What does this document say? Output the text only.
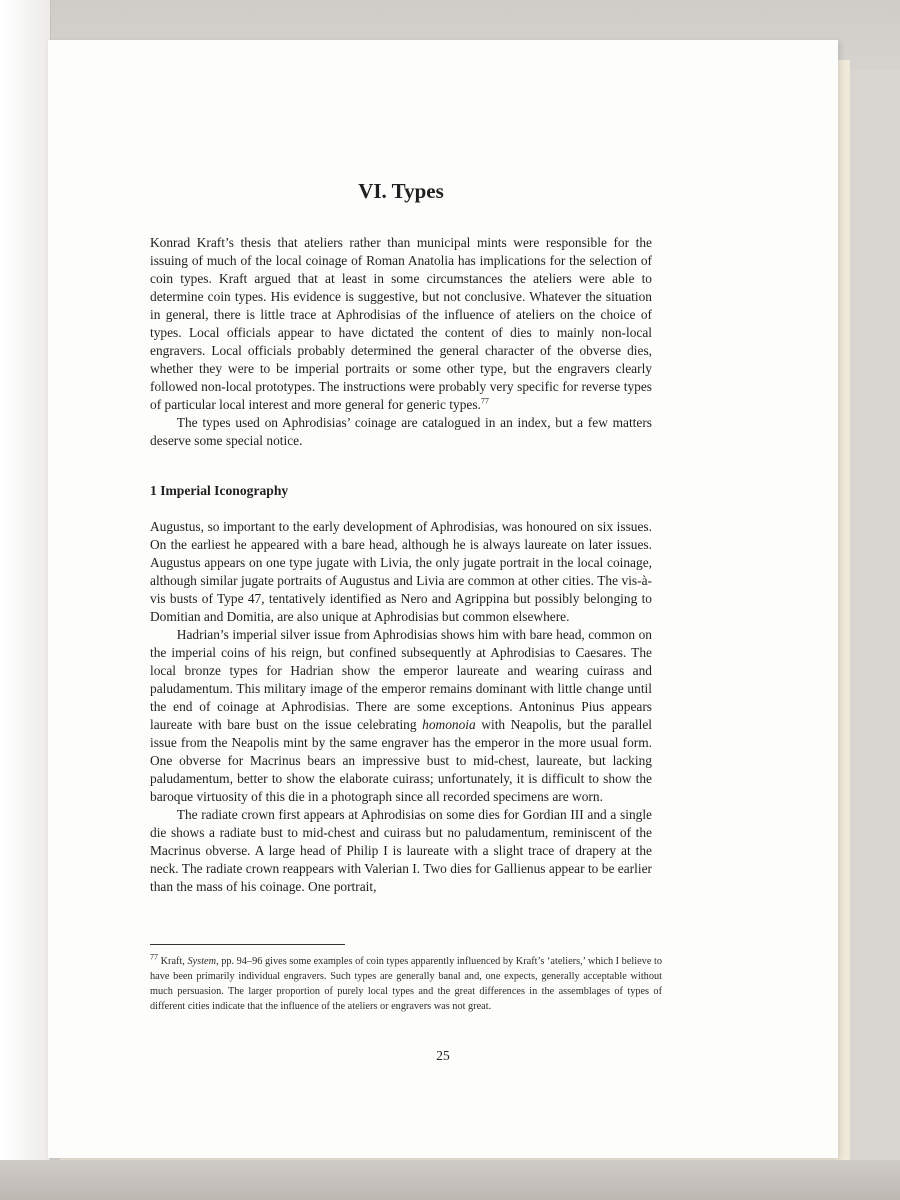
VI. Types

Konrad Kraft’s thesis that ateliers rather than municipal mints were responsible for the issuing of much of the local coinage of Roman Anatolia has implications for the selection of coin types. Kraft argued that at least in some circumstances the ateliers were able to determine coin types. His evidence is suggestive, but not conclusive. Whatever the situation in general, there is little trace at Aphrodisias of the influence of ateliers on the choice of types. Local officials appear to have dictated the content of dies to mainly non-local engravers. Local officials probably determined the general character of the obverse dies, whether they were to be imperial portraits or some other type, but the engravers clearly followed non-local prototypes. The instructions were probably very specific for reverse types of particular local interest and more general for generic types.$^{77}$

The types used on Aphrodisias’ coinage are catalogued in an index, but a few matters deserve some special notice.

1 Imperial Iconography

Augustus, so important to the early development of Aphrodisias, was honoured on six issues. On the earliest he appeared with a bare head, although he is always laureate on later issues. Augustus appears on one type jugate with Livia, the only jugate portrait in the local coinage, although similar jugate portraits of Augustus and Livia are common at other cities. The vis-à-vis busts of Type 47, tentatively identified as Nero and Agrippina but possibly belonging to Domitian and Domitia, are also unique at Aphrodisias but common elsewhere.

Hadrian’s imperial silver issue from Aphrodisias shows him with bare head, common on the imperial coins of his reign, but confined subsequently at Aphrodisias to Caesares. The local bronze types for Hadrian show the emperor laureate and wearing cuirass and paludamentum. This military image of the emperor remains dominant with little change until the end of coinage at Aphrodisias. There are some exceptions. Antoninus Pius appears laureate with bare bust on the issue celebrating homonoia with Neapolis, but the parallel issue from the Neapolis mint by the same engraver has the emperor in the more usual form. One obverse for Macrinus bears an impressive bust to mid-chest, laureate, but lacking paludamentum, better to show the elaborate cuirass; unfortunately, it is difficult to show the baroque virtuosity of this die in a photograph since all recorded specimens are worn.

The radiate crown first appears at Aphrodisias on some dies for Gordian III and a single die shows a radiate bust to mid-chest and cuirass but no paludamentum, reminiscent of the Macrinus obverse. A large head of Philip I is laureate with a slight trace of drapery at the neck. The radiate crown reappears with Valerian I. Two dies for Gallienus appear to be earlier than the mass of his coinage. One portrait,

$^{77}$ Kraft, System, pp. 94–96 gives some examples of coin types apparently influenced by Kraft’s ‘ateliers,’ which I believe to have been primarily individual engravers. Such types are generally banal and, one expects, generally acceptable without much persuasion. The larger proportion of purely local types and the great differences in the assemblages of types of different cities indicate that the influence of the ateliers or engravers was not great.
25
